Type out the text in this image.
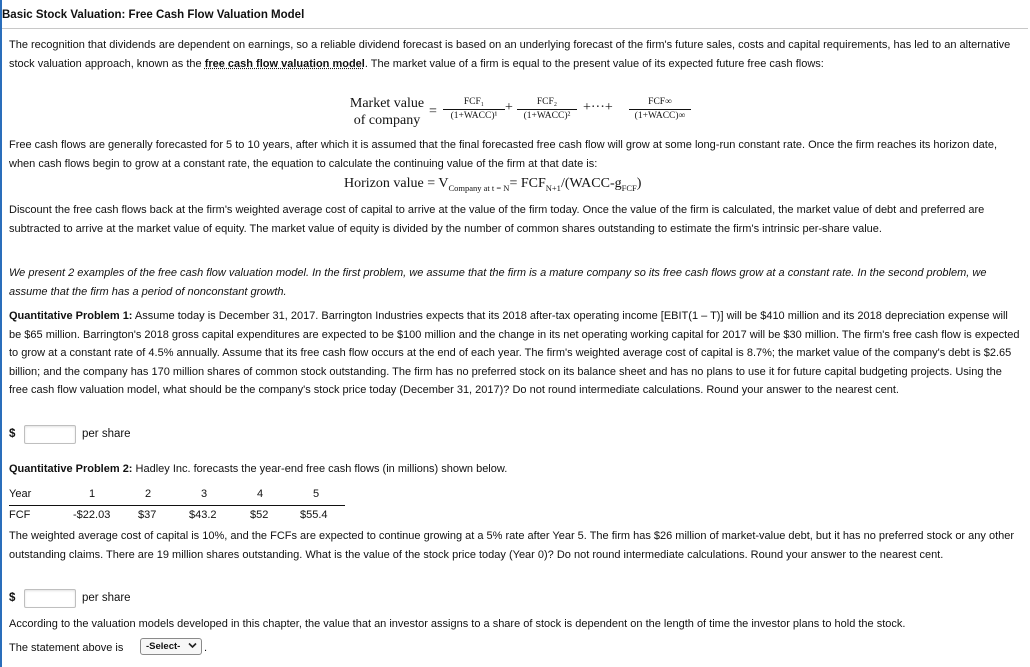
Basic Stock Valuation: Free Cash Flow Valuation Model
The recognition that dividends are dependent on earnings, so a reliable dividend forecast is based on an underlying forecast of the firm's future sales, costs and capital requirements, has led to an alternative stock valuation approach, known as the free cash flow valuation model. The market value of a firm is equal to the present value of its expected future free cash flows:
Market value
of company
=
FCF₁
(1+WACC)¹
+	FCF₂
(1+WACC)²
+···+	FCF∞
(1+WACC)∞
Free cash flows are generally forecasted for 5 to 10 years, after which it is assumed that the final forecasted free cash flow will grow at some long-run constant rate. Once the firm reaches its horizon date, when cash flows begin to grow at a constant rate, the equation to calculate the continuing value of the firm at that date is:
Horizon value = $V_{Company at t = N}=$ $FCF_{N+1}/(WACC-g_{FCF})$
Discount the free cash flows back at the firm's weighted average cost of capital to arrive at the value of the firm today. Once the value of the firm is calculated, the market value of debt and preferred are subtracted to arrive at the market value of equity. The market value of equity is divided by the number of common shares outstanding to estimate the firm's intrinsic per-share value.
We present 2 examples of the free cash flow valuation model. In the first problem, we assume that the firm is a mature company so its free cash flows grow at a constant rate. In the second problem, we assume that the firm has a period of nonconstant growth.
Quantitative Problem 1: Assume today is December 31, 2017. Barrington Industries expects that its 2018 after-tax operating income [EBIT(1 – T)] will be $410 million and its 2018 depreciation expense will be $65 million. Barrington's 2018 gross capital expenditures are expected to be $100 million and the change in its net operating working capital for 2017 will be $30 million. The firm's free cash flow is expected to grow at a constant rate of 4.5% annually. Assume that its free cash flow occurs at the end of each year. The firm's weighted average cost of capital is 8.7%; the market value of the company's debt is $2.65 billion; and the company has 170 million shares of common stock outstanding. The firm has no preferred stock on its balance sheet and has no plans to use it for future capital budgeting projects. Using the free cash flow valuation model, what should be the company's stock price today (December 31, 2017)? Do not round intermediate calculations. Round your answer to the nearest cent.
$	per share
Quantitative Problem 2: Hadley Inc. forecasts the year-end free cash flows (in millions) shown below.
Year	1	2	3	4	5
FCF	-$22.03	$37	$43.2	$52	$55.4
The weighted average cost of capital is 10%, and the FCFs are expected to continue growing at a 5% rate after Year 5. The firm has $26 million of market-value debt, but it has no preferred stock or any other outstanding claims. There are 19 million shares outstanding. What is the value of the stock price today (Year 0)? Do not round intermediate calculations. Round your answer to the nearest cent.
$	per share
According to the valuation models developed in this chapter, the value that an investor assigns to a share of stock is dependent on the length of time the investor plans to hold the stock.
The statement above is	-Select-	.
